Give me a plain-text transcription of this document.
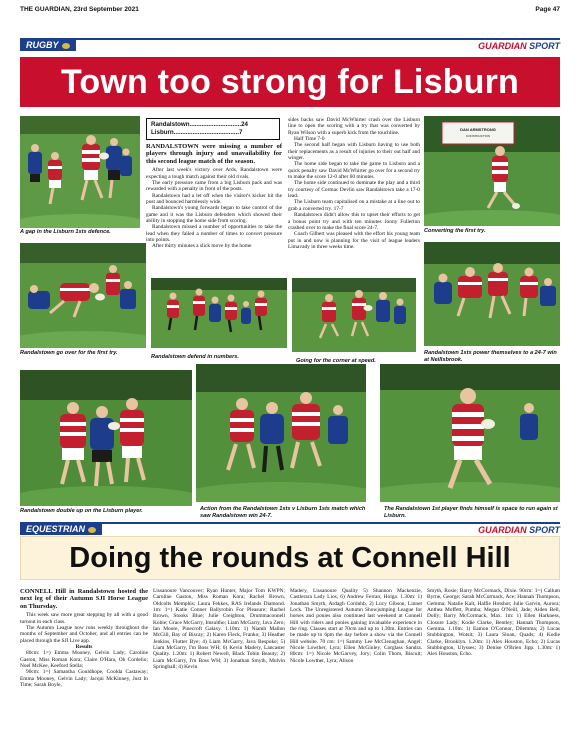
THE GUARDIAN, 23rd September 2021	Page 47
RUGBY	GUARDIAN SPORT
Town too strong for Lisburn
A gap in the Lisburn 1sts defence.
Randalstown..............................24
Lisburn......................................7

RANDALSTOWN were missing a number of players through injury and unavailability for this second league match of the season.

After last week's victory over Ards, Randalstown were expecting a tough match against their old rivals.

The early pressure came from a big Lisburn pack and was rewarded with a penalty in front of the posts.

Randalstown had a let off when the visitor's kicker hit the post and bounced harmlessly wide.

Randalstown's young forwards began to take control of the game and it was the Lisburn defenders which showed their ability in stopping the home side from scoring.

Randalstown missed a number of opportunities to take the lead when they failed a number of times to convert pressure into points.

After thirty minutes a slick move by the home

sides backs saw David McWhirter crash over the Lisburn line to open the scoring with a try that was converted by Ryan Wilson with a superb kick from the touchline.

Half Time 7-0

The second half began with Lisburn having to use both their replacements as a result of injuries to their out half and winger.

The home side began to take the game to Lisburn and a quick penalty saw David McWhirter go over for a second try to make the score 12-0 after 60 minutes.

The home side continued to dominate the play and a third try courtesy of Cormac Devlin saw Randalstown take a 17-0 lead.

The Lisburn team capitalised on a mistake at a line out to grab a converted try. 17-7

Randalstown didn't allow this to upset their efforts to get a bonus point try and with ten minutes Jonny Fullerton crashed over to make the final score 24-7.

Coach Gilbert was pleased with the effort his young team put in and now is planning for the visit of league leaders Limavady in three weeks time.

DAN ARMSTRONG
CONSTRUCTION
Converting the first try.
Randalstown go over for the first try.
Randalstown defend in numbers.
Going for the corner at speed.
Randalstown 1sts power themselves to a 24-7 win at Neillsbrook.
Randalstown double up on the Lisburn player.	Action from the Randalstown 1sts v Lisburn 1sts match which saw Randalstown win 24-7.
The Randalstown 1st player finds himself is space to run again st Lisburn.
EQUESTRIAN	GUARDIAN SPORT
Doing the rounds at Connell Hill

CONNELL Hill in Randalstown hosted the next leg of their Autumn SJI Horse League on Thursday.

This week saw more great stepping by all with a good turnout in each class.

The Autumn League now runs weekly throughout the months of September and October, and all entries can be placed through the SJI Live app.

Results

80cm: 1=) Emma Mooney, Gelvin Lady; Caroline Gaston, Miss Roman Kora; Claire O'Hara, Oh Cordelio; Noel McKee, Keeford Stella;

90cm: 1=) Samantha Gouldhope, Coolda Castaway; Emma Mooney, Gelvin Lady; Jacqui McKinney, Just In Time; Sarah Boyle,

Lissanoure Vancouver; Ryan Hunter, Major Tom KWPN; Caroline Gaston, Miss Roman Kora; Rachel Brown, Oldcolts Memphis; Laura Fekkes, RAS Irelands Diamond. 1m: 1=) Katie Conner Ballyrobin For Pleasure; Rachel Brown, Stooks Blue; Julie Creighton, Drummaconnell Kobie; Grace McGarry, Imsultho; Liam McGarry, Java Zero; Ian Moore, Pinecroft Galaxy. 1.10m: 1) Niamh Mallon McGill, Bay of Biscay; 2) Karen Fleck, Franko; 3) Heather Jenkins, Flutter Bye; 4) Liam McGarry, Java Bespoke; 5) Liam McGarry, I'm Boss WH; 6) Kevin Madery, Lancaster Quality. 1.20m: 1) Robert Newell, Black Tobin Beauty; 2) Liam McGarry, I'm Boss WH; 3) Jonathan Smyth, Mulvin Springball; 4) Kevin

Madery, Lissanoure Quality 5) Shannon Mackenzie, Castlerara Lady Lios, 6) Andrew Ferran, Holga. 1.30m: 1) Jonathan Smyth, Ardagh Corduhb, 2) Lucy Gibson, Linnet Lock. The Unregistered Autumn Showjumping League for horses and ponies also continued last weekend at Connell Hill with riders and ponies gaining invaluable experience in the ring. Classes start at 70cm and up to 1.30m. Entries can be made up to 6pm the day before a show via the Connell Hill website. 70 cm: 1=) Sammy Lee McClenaghan, Angel; Nicole Lowther, Lyra; Ellen McGinley, Corglass Sandra. 80cm: 1=) Nicole McGarvey, Jory; Colin Thom, Biscuit; Nicole Lowther, Lyra; Alison

Smyth, Rosie; Barry McCormack, Dixie. 90cm: 1=) Callum Byrne, George; Sarah McCormack, Ace; Hannah Thompson, Gemma; Natalie Kalt, Halfie Hotshot; Julie Garvin, Aurora; Anthea Moffett, Pumba; Megan O'Neill, Jade; Aiden Bell, Dolly; Barry McCormack, Max. 1m: 1) Ellen Harkness, Closure Lady; Kodie Clarke, Bentley; Hannah Thompson, Gemma. 1.10m: 1) Eamon O'Connor, Dilemma; 2) Lucas Stubbington, Wotsit; 3) Laura Sloan, Quads; 4) Kodie Clarke, Brooklyn. 1.20m: 1) Alex Houston, Echo; 2) Lucas Stubbington, Ulysses; 3) Denise O'Brien Jipp. 1.30m: 1) Alex Houston, Echo.
